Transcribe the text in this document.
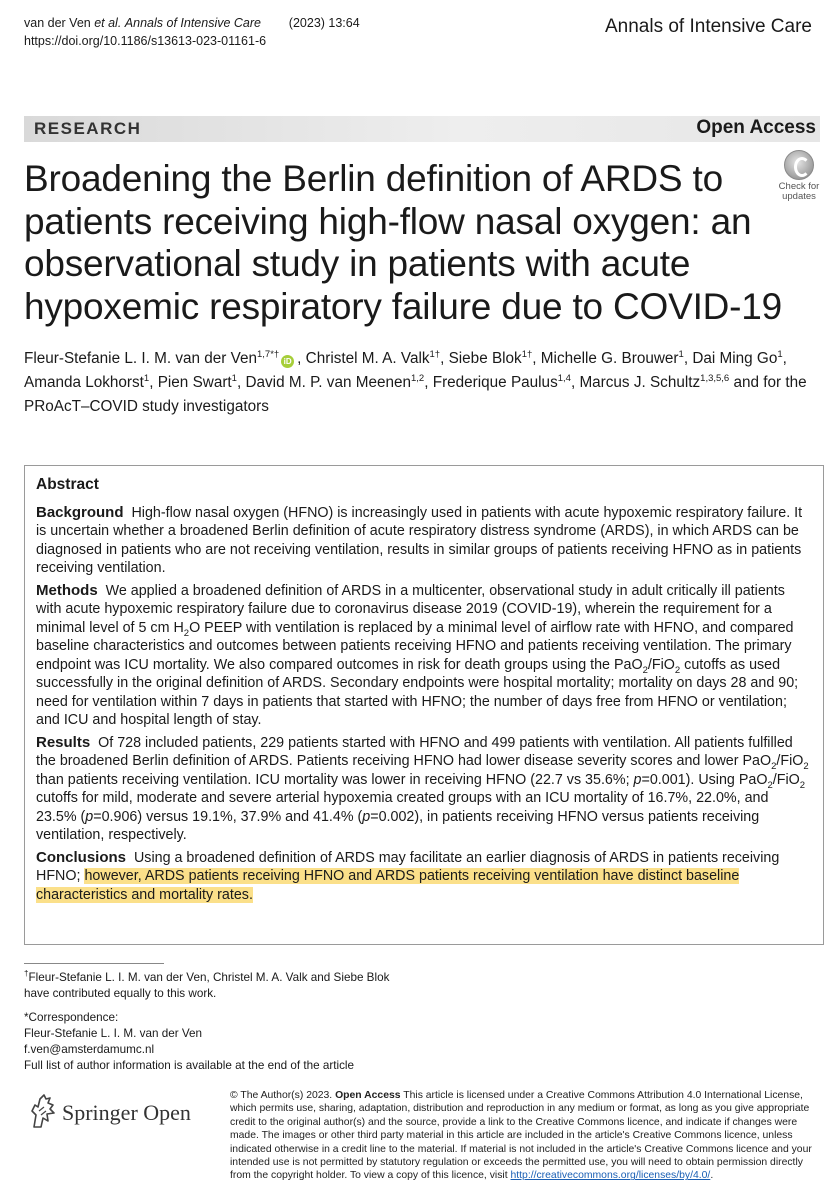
van der Ven et al. Annals of Intensive Care (2023) 13:64
https://doi.org/10.1186/s13613-023-01161-6
Annals of Intensive Care
RESEARCH	Open Access
Check for
updates
Broadening the Berlin definition of ARDS to patients receiving high-flow nasal oxygen: an observational study in patients with acute hypoxemic respiratory failure due to COVID-19
Fleur-Stefanie L. I. M. van der Ven$^{1,7*\dagger}$iD , Christel M. A. Valk$^{1\dagger}$, Siebe Blok$^{1\dagger}$, Michelle G. Brouwer$^1$, Dai Ming Go$^1$, Amanda Lokhorst$^1$, Pien Swart$^1$, David M. P. van Meenen$^{1,2}$, Frederique Paulus$^{1,4}$, Marcus J. Schultz$^{1,3,5,6}$ and for the PRoAcT–COVID study investigators
Abstract

Background High-flow nasal oxygen (HFNO) is increasingly used in patients with acute hypoxemic respiratory failure. It is uncertain whether a broadened Berlin definition of acute respiratory distress syndrome (ARDS), in which ARDS can be diagnosed in patients who are not receiving ventilation, results in similar groups of patients receiving HFNO as in patients receiving ventilation.

Methods We applied a broadened definition of ARDS in a multicenter, observational study in adult critically ill patients with acute hypoxemic respiratory failure due to coronavirus disease 2019 (COVID-19), wherein the requirement for a minimal level of 5 cm $H_2O$ PEEP with ventilation is replaced by a minimal level of airflow rate with HFNO, and compared baseline characteristics and outcomes between patients receiving HFNO and patients receiving ventilation. The primary endpoint was ICU mortality. We also compared outcomes in risk for death groups using the PaO$_2$/FiO$_2$ cutoffs as used successfully in the original definition of ARDS. Secondary endpoints were hospital mortality; mortality on days 28 and 90; need for ventilation within 7 days in patients that started with HFNO; the number of days free from HFNO or ventilation; and ICU and hospital length of stay.

Results Of 728 included patients, 229 patients started with HFNO and 499 patients with ventilation. All patients fulfilled the broadened Berlin definition of ARDS. Patients receiving HFNO had lower disease severity scores and lower PaO$_2$/FiO$_2$ than patients receiving ventilation. ICU mortality was lower in receiving HFNO (22.7 vs 35.6%; p=0.001). Using PaO$_2$/FiO$_2$ cutoffs for mild, moderate and severe arterial hypoxemia created groups with an ICU mortality of 16.7%, 22.0%, and 23.5% (p=0.906) versus 19.1%, 37.9% and 41.4% (p=0.002), in patients receiving HFNO versus patients receiving ventilation, respectively.

Conclusions Using a broadened definition of ARDS may facilitate an earlier diagnosis of ARDS in patients receiving HFNO; however, ARDS patients receiving HFNO and ARDS patients receiving ventilation have distinct baseline characteristics and mortality rates.

†Fleur-Stefanie L. I. M. van der Ven, Christel M. A. Valk and Siebe Blok have contributed equally to this work.
*Correspondence:
Fleur-Stefanie L. I. M. van der Ven
f.ven@amsterdamumc.nl
Full list of author information is available at the end of the article
Springer Open
© The Author(s) 2023. Open Access This article is licensed under a Creative Commons Attribution 4.0 International License, which permits use, sharing, adaptation, distribution and reproduction in any medium or format, as long as you give appropriate credit to the original author(s) and the source, provide a link to the Creative Commons licence, and indicate if changes were made. The images or other third party material in this article are included in the article's Creative Commons licence, unless indicated otherwise in a credit line to the material. If material is not included in the article's Creative Commons licence and your intended use is not permitted by statutory regulation or exceeds the permitted use, you will need to obtain permission directly from the copyright holder. To view a copy of this licence, visit http://creativecommons.org/licenses/by/4.0/.
